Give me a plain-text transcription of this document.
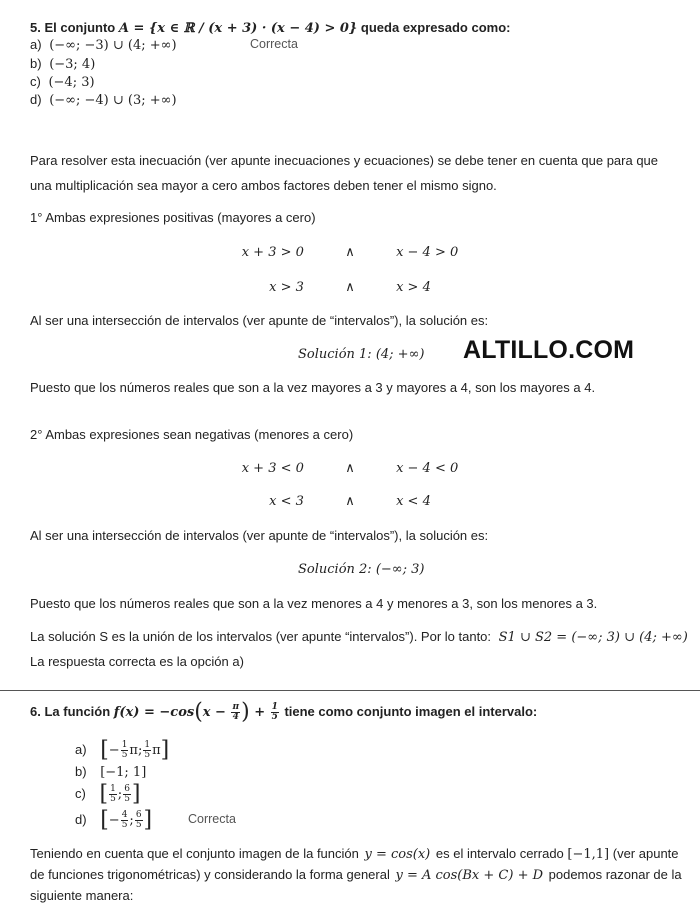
5. El conjunto A = {x ∈ ℝ / (x + 3) · (x − 4) > 0} queda expresado como:
a) (−∞; −3) ∪ (4; +∞)	Correcta
b) (−3; 4)
c) (−4; 3)
d) (−∞; −4) ∪ (3; +∞)
Para resolver esta inecuación (ver apunte inecuaciones y ecuaciones) se debe tener en cuenta que para que
una multiplicación sea mayor a cero ambos factores deben tener el mismo signo.
1° Ambas expresiones positivas (mayores a cero)
x + 3 > 0          ∧          x − 4 > 0
x > 3          ∧          x > 4
Al ser una intersección de intervalos (ver apunte de “intervalos”), la solución es:
Solución 1: (4; +∞) ALTILLO.COM
Puesto que los números reales que son a la vez mayores a 3 y mayores a 4, son los mayores a 4.
2° Ambas expresiones sean negativas (menores a cero)
x + 3 < 0          ∧          x − 4 < 0
x < 3          ∧          x < 4
Al ser una intersección de intervalos (ver apunte de “intervalos”), la solución es:
Solución 2: (−∞; 3)
Puesto que los números reales que son a la vez menores a 4 y menores a 3, son los menores a 3.
La solución S es la unión de los intervalos (ver apunte “intervalos”). Por lo tanto: S1 ∪ S2 = (−∞; 3) ∪ (4; +∞)
La respuesta correcta es la opción a)
6. La función $f(x) = -\cos(x - \frac{\pi}{4}$ ) + $\frac{1}{5}$ tiene como conjunto imagen el intervalo:
a) [− $\frac{1}{5} \pi$; $\frac{1}{5} \pi$]
b) [−1; 1]
c) [ $\frac{1}{5}$ ; $\frac{6}{5}$ ]
d) [− $\frac{4}{5}$ ; $\frac{6}{5}$ ]	Correcta
Teniendo en cuenta que el conjunto imagen de la función y = cos(x) es el intervalo cerrado [−1,1] (ver apunte
de funciones trigonométricas) y considerando la forma general y = A cos(Bx + C) + D podemos razonar de la
siguiente manera:
